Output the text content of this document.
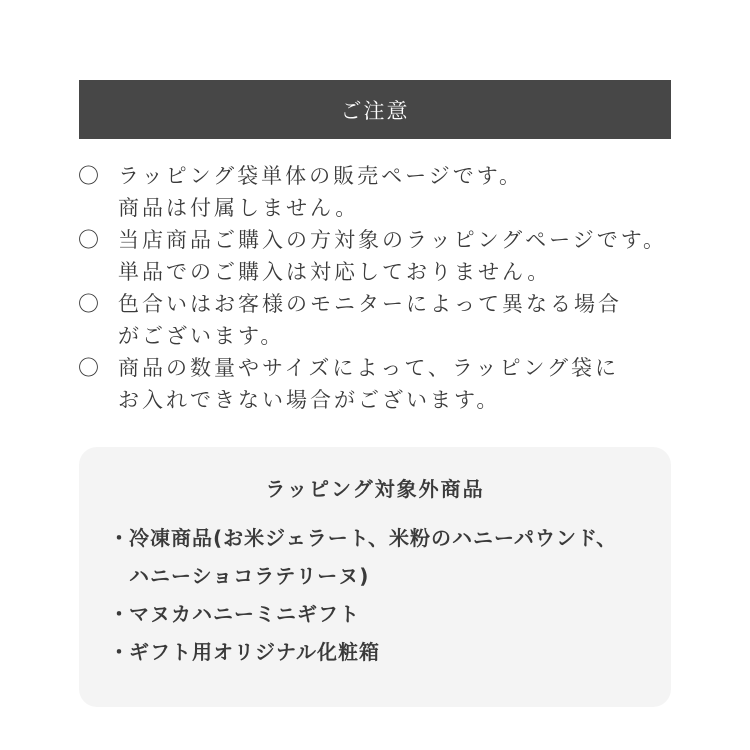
ご注意
〇 ラッピング袋単体の販売ページです。
商品は付属しません。
〇 当店商品ご購入の方対象のラッピングページです。
単品でのご購入は対応しておりません。
〇 色合いはお客様のモニターによって異なる場合
がございます。
〇 商品の数量やサイズによって、ラッピング袋に
お入れできない場合がございます。
ラッピング対象外商品
・ 冷凍商品(お米ジェラート、米粉のハニーパウンド、
ハニーショコラテリーヌ)
・ マヌカハニーミニギフト
・ ギフト用オリジナル化粧箱
